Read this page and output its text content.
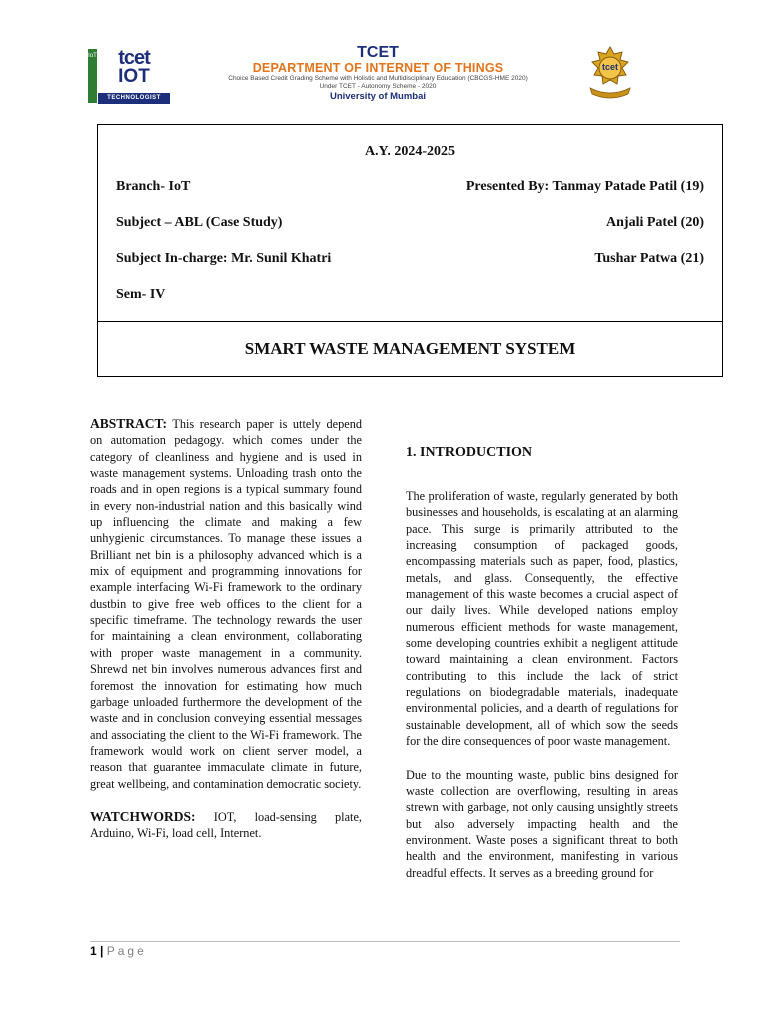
IoT	tcet
IOT
TECHNOLOGIST
TCET
DEPARTMENT OF INTERNET OF THINGS
Choice Based Credit Grading Scheme with Holistic and Multidisciplinary Education (CBCGS-HME 2020)
Under TCET - Autonomy Scheme - 2020
University of Mumbai
tcet
A.Y. 2024-2025
Branch- IoT	Presented By: Tanmay Patade Patil (19)
Subject – ABL (Case Study)	Anjali Patel (20)
Subject In-charge: Mr. Sunil Khatri	Tushar Patwa (21)
Sem- IV
SMART WASTE MANAGEMENT SYSTEM

ABSTRACT: This research paper is uttely depend on automation pedagogy. which comes under the category of cleanliness and hygiene and is used in waste management systems. Unloading trash onto the roads and in open regions is a typical summary found in every non-industrial nation and this basically wind up influencing the climate and making a few unhygienic circumstances. To manage these issues a Brilliant net bin is a philosophy advanced which is a mix of equipment and programming innovations for example interfacing Wi-Fi framework to the ordinary dustbin to give free web offices to the client for a specific timeframe. The technology rewards the user for maintaining a clean environment, collaborating with proper waste management in a community. Shrewd net bin involves numerous advances first and foremost the innovation for estimating how much garbage unloaded furthermore the development of the waste and in conclusion conveying essential messages and associating the client to the Wi-Fi framework. The framework would work on client server model, a reason that guarantee immaculate climate in future, great wellbeing, and contamination democratic society.

WATCHWORDS: IOT, load-sensing plate, Arduino, Wi-Fi, load cell, Internet.

1. INTRODUCTION

The proliferation of waste, regularly generated by both businesses and households, is escalating at an alarming pace. This surge is primarily attributed to the increasing consumption of packaged goods, encompassing materials such as paper, food, plastics, metals, and glass. Consequently, the effective management of this waste becomes a crucial aspect of our daily lives. While developed nations employ numerous efficient methods for waste management, some developing countries exhibit a negligent attitude toward maintaining a clean environment. Factors contributing to this include the lack of strict regulations on biodegradable materials, inadequate environmental policies, and a dearth of regulations for sustainable development, all of which sow the seeds for the dire consequences of poor waste management.

Due to the mounting waste, public bins designed for waste collection are overflowing, resulting in areas strewn with garbage, not only causing unsightly streets but also adversely impacting health and the environment. Waste poses a significant threat to both health and the environment, manifesting in various dreadful effects. It serves as a breeding ground for

1 | Page
